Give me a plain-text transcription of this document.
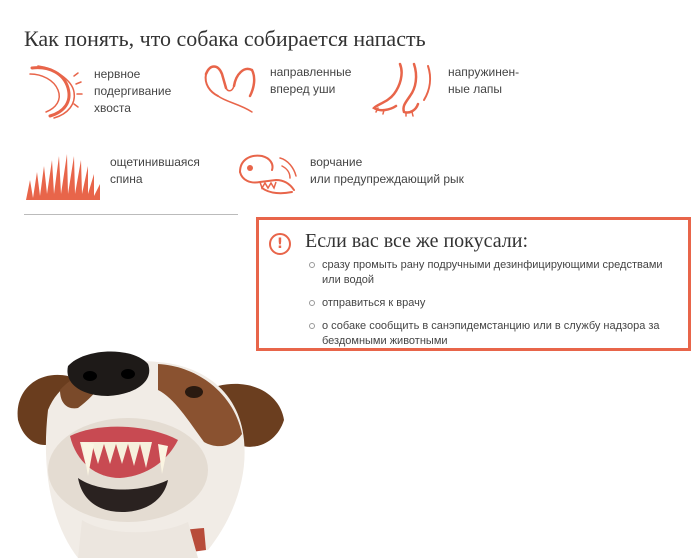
Как понять, что собака собирается напасть
нервное
подергивание
хвоста
направленные
вперед уши
напружинен-
ные лапы
ощетинившаяся
спина
ворчание
или предупреждающий рык
!	Если вас все же покусали:
сразу промыть рану подручными дезинфицирующими средствами или водой
отправиться к врачу
о собаке сообщить в санэпидемстанцию или в службу надзора за бездомными животными
